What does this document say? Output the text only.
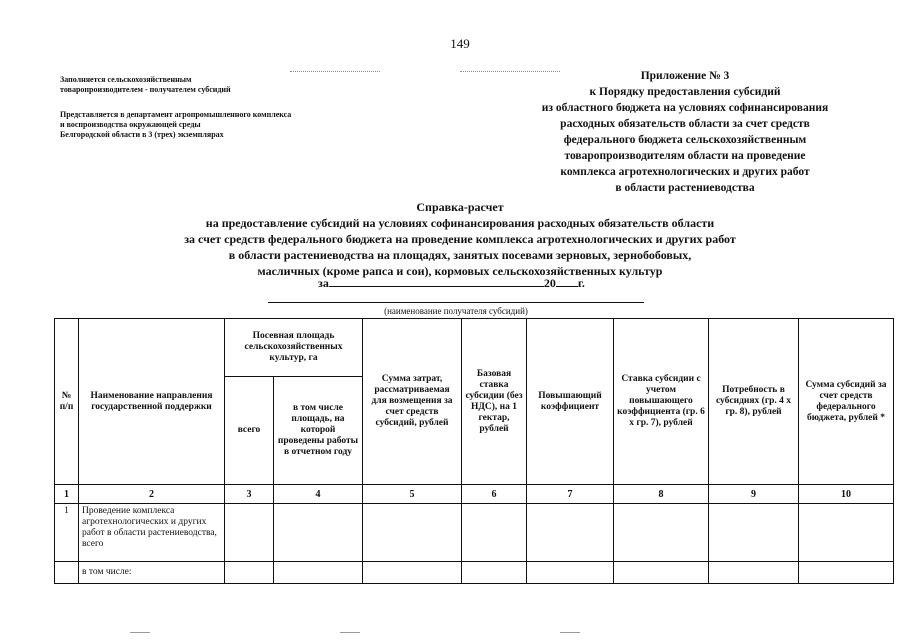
149
Заполняется сельскохозяйственным
товаропроизводителем - получателем субсидий
Представляется в департамент агропромышленного комплекса
и воспроизводства окружающей среды
Белгородской области в 3 (трех) экземплярах
Приложение № 3
к Порядку предоставления субсидий
из областного бюджета на условиях софинансирования
расходных обязательств области за счет средств
федерального бюджета сельскохозяйственным
товаропроизводителям области на проведение
комплекса агротехнологических и других работ
в области растениеводства
Справка-расчет
на предоставление субсидий на условиях софинансирования расходных обязательств области
за счет средств федерального бюджета на проведение комплекса агротехнологических и других работ
в области растениеводства на площадях, занятых посевами зерновых, зернобобовых,
масличных (кроме рапса и сои), кормовых сельскохозяйственных культур
за	20 г.
(наименование получателя субсидий)
№ п/п	Наименование направления государственной поддержки	Посевная площадь сельскохозяйственных культур, га		Сумма затрат, рассматриваемая для возмещения за счет средств субсидий, рублей	Базовая ставка субсидии (без НДС), на 1 гектар, рублей	Повышающий коэффициент	Ставка субсидии с учетом повышающего коэффициента (гр. 6 х гр. 7), рублей	Потребность в субсидиях (гр. 4 х гр. 8), рублей	Сумма субсидий за счет средств федерального бюджета, рублей *
		всего	в том числе площадь, на которой проведены работы в отчетном году						
1	2	3	4	5	6	7	8	9	10
1	Проведение комплекса агротехнологических и других работ в области растениеводства, всего								
	в том числе:								
